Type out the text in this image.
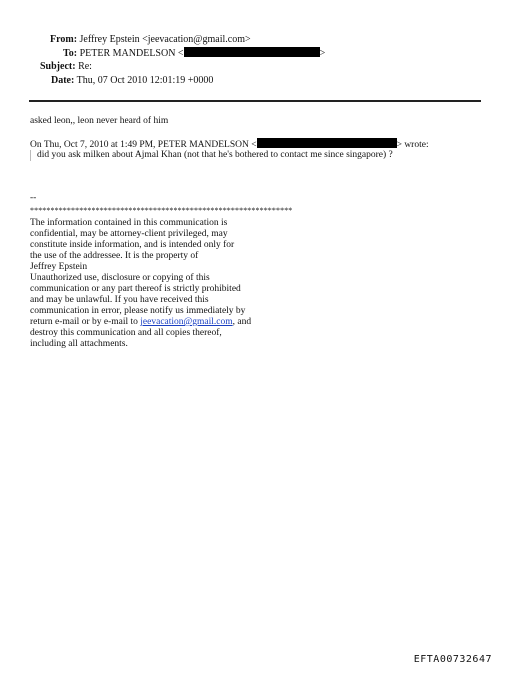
From: Jeffrey Epstein <jeevacation@gmail.com>
To: PETER MANDELSON <	>
Subject: Re:
Date: Thu, 07 Oct 2010 12:01:19 +0000
asked leon,, leon never heard of him
On Thu, Oct 7, 2010 at 1:49 PM, PETER MANDELSON <	> wrote:
did you ask milken about Ajmal Khan (not that he's bothered to contact me since singapore) ?
--
****************************************************************
The information contained in this communication is
confidential, may be attorney-client privileged, may
constitute inside information, and is intended only for
the use of the addressee. It is the property of
Jeffrey Epstein
Unauthorized use, disclosure or copying of this
communication or any part thereof is strictly prohibited
and may be unlawful. If you have received this
communication in error, please notify us immediately by
return e-mail or by e-mail to jeevacation@gmail.com, and
destroy this communication and all copies thereof,
including all attachments.
EFTA00732647
